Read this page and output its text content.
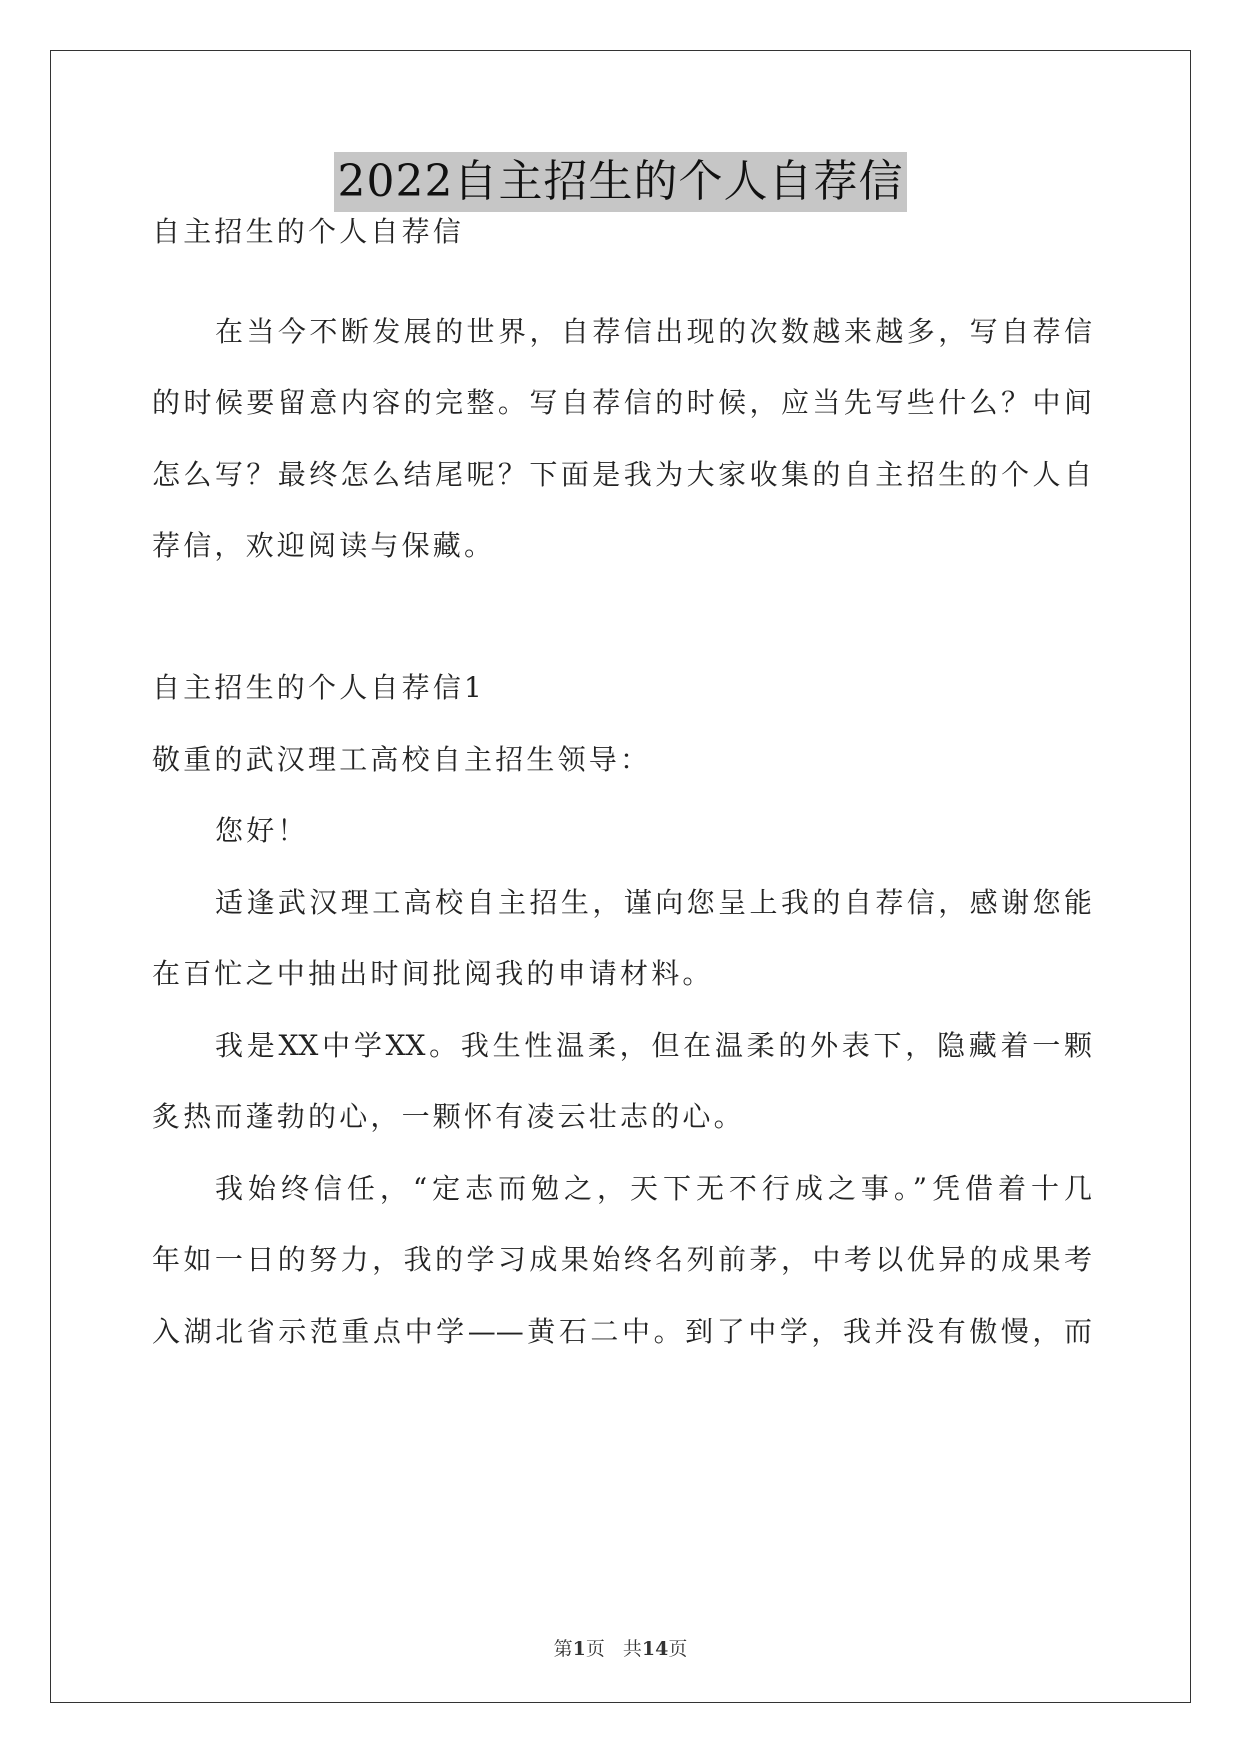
2022自主招生的个人自荐信
自主招生的个人自荐信
在当今不断发展的世界，自荐信出现的次数越来越多，写自荐信
的时候要留意内容的完整。写自荐信的时候，应当先写些什么？中间
怎么写？最终怎么结尾呢？下面是我为大家收集的自主招生的个人自
荐信，欢迎阅读与保藏。
自主招生的个人自荐信1
敬重的武汉理工高校自主招生领导：
您好！
适逢武汉理工高校自主招生，谨向您呈上我的自荐信，感谢您能
在百忙之中抽出时间批阅我的申请材料。
我是XX中学XX。我生性温柔，但在温柔的外表下，隐藏着一颗
炙热而蓬勃的心，一颗怀有凌云壮志的心。
我始终信任，“定志而勉之，天下无不行成之事。”凭借着十几
年如一日的努力，我的学习成果始终名列前茅，中考以优异的成果考
入湖北省示范重点中学——黄石二中。到了中学，我并没有傲慢，而
第1页 共14页
